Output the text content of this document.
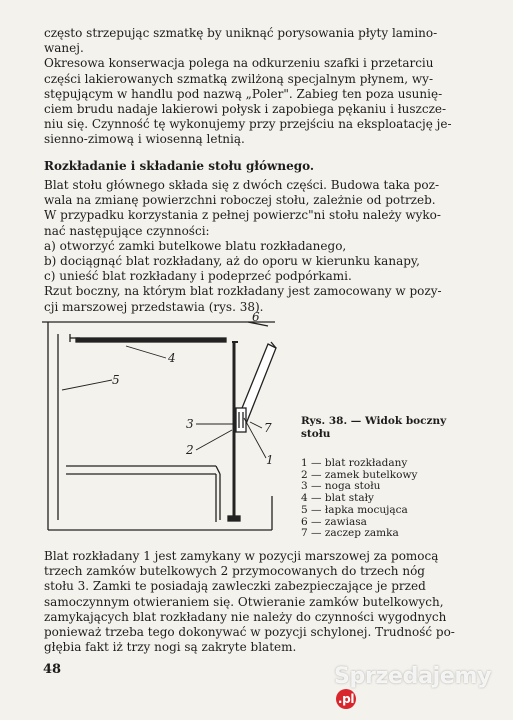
często strzepując szmatkę by uniknąć porysowania płyty lamino-
wanej.
Okresowa konserwacja polega na odkurzeniu szafki i przetarciu
części lakierowanych szmatką zwilżoną specjalnym płynem, wy-
stępującym w handlu pod nazwą „Poler". Zabieg ten poza usunię-
ciem brudu nadaje lakierowi połysk i zapobiega pękaniu i łuszcze-
niu się. Czynność tę wykonujemy przy przejściu na eksploatację je-
sienno-zimową i wiosenną letnią.

Rozkładanie i składanie stołu głównego.

Blat stołu głównego składa się z dwóch części. Budowa taka poz-
wala na zmianę powierzchni roboczej stołu, zależnie od potrzeb.
W przypadku korzystania z pełnej powierzc"ni stołu należy wyko-
nać następujące czynności:
a) otworzyć zamki butelkowe blatu rozkładanego,
b) dociągnąć blat rozkładany, aż do oporu w kierunku kanapy,
c) unieść blat rozkładany i podeprzeć podpórkami.
Rzut boczny, na którym blat rozkładany jest zamocowany w pozy-
cji marszowej przedstawia (rys. 38).

6
4
5
3	7
2
1
Rys. 38. — Widok boczny
stołu
1 — blat rozkładany
2 — zamek butelkowy
3 — noga stołu
4 — blat stały
5 — łapka mocująca
6 — zawiasa
7 — zaczep zamka

Blat rozkładany 1 jest zamykany w pozycji marszowej za pomocą
trzech zamków butelkowych 2 przymocowanych do trzech nóg
stołu 3. Zamki te posiadają zawleczki zabezpieczające je przed
samoczynnym otwieraniem się. Otwieranie zamków butelkowych,
zamykających blat rozkładany nie należy do czynności wygodnych
ponieważ trzeba tego dokonywać w pozycji schylonej. Trudność po-
głębia fakt iż trzy nogi są zakryte blatem.

48	Sprzedajemy.pl
